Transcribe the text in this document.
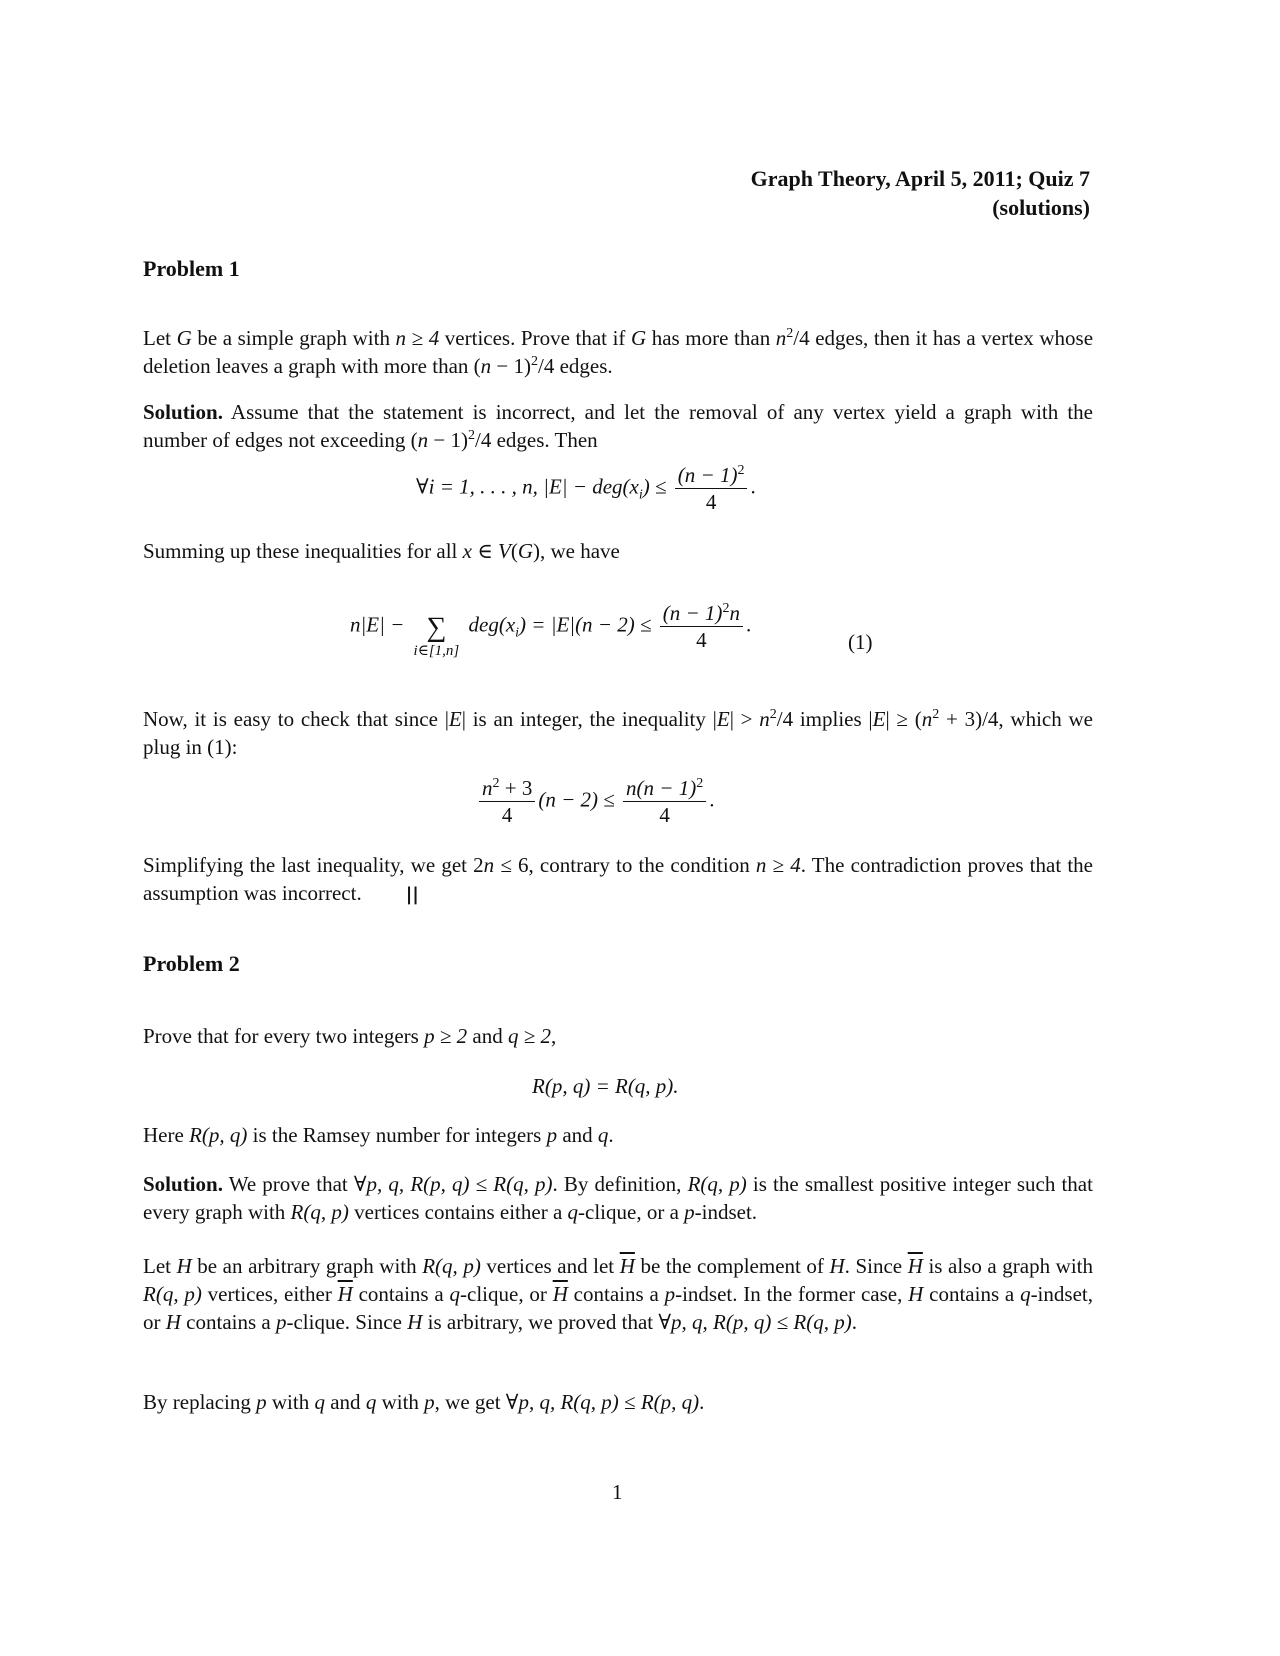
Graph Theory, April 5, 2011; Quiz 7
(solutions)
Problem 1
Let G be a simple graph with n ≥ 4 vertices. Prove that if G has more than $n^2/4$ edges, then it has a vertex whose deletion leaves a graph with more than $(n - 1)^2/4$ edges.
Solution. Assume that the statement is incorrect, and let the removal of any vertex yield a graph with the number of edges not exceeding $(n - 1)^2/4$ edges. Then
∀i = 1, . . . , n, $|E| - deg(x_i) \le \frac{(n - 1)^2}{4}$ .
Summing up these inequalities for all x ∈ V(G), we have
n|E| − ∑
i∈[1,n]
$deg(x_i) = |E|(n - 2) \le \frac{(n - 1)^2n}{4}$ .
(1)
Now, it is easy to check that since |E| is an integer, the inequality $|E| > n^2/4$ implies $|E| \ge (n^2 + 3)/4$, which we plug in (1):
$\frac{n^2 + 3}{4} (n - 2) \le \frac{n(n - 1)^2}{4}$ .
Simplifying the last inequality, we get 2n ≤ 6, contrary to the condition n ≥ 4. The contradiction proves that the assumption was incorrect. ||
Problem 2
Prove that for every two integers p ≥ 2 and q ≥ 2,
R(p, q) = R(q, p).
Here R(p, q) is the Ramsey number for integers p and q.
Solution. We prove that ∀p, q, R(p, q) ≤ R(q, p). By definition, R(q, p) is the smallest positive integer such that every graph with R(q, p) vertices contains either a q-clique, or a p-indset.
Let H be an arbitrary graph with R(q, p) vertices and let $\overline{H}$ be the complement of H. Since $\overline{H}$ is also a graph with R(q, p) vertices, either $\overline{H}$ contains a q-clique, or $\overline{H}$ contains a p-indset. In the former case, H contains a q-indset, or H contains a p-clique. Since H is arbitrary, we proved that ∀p, q, R(p, q) ≤ R(q, p).
By replacing p with q and q with p, we get ∀p, q, R(q, p) ≤ R(p, q).
1
